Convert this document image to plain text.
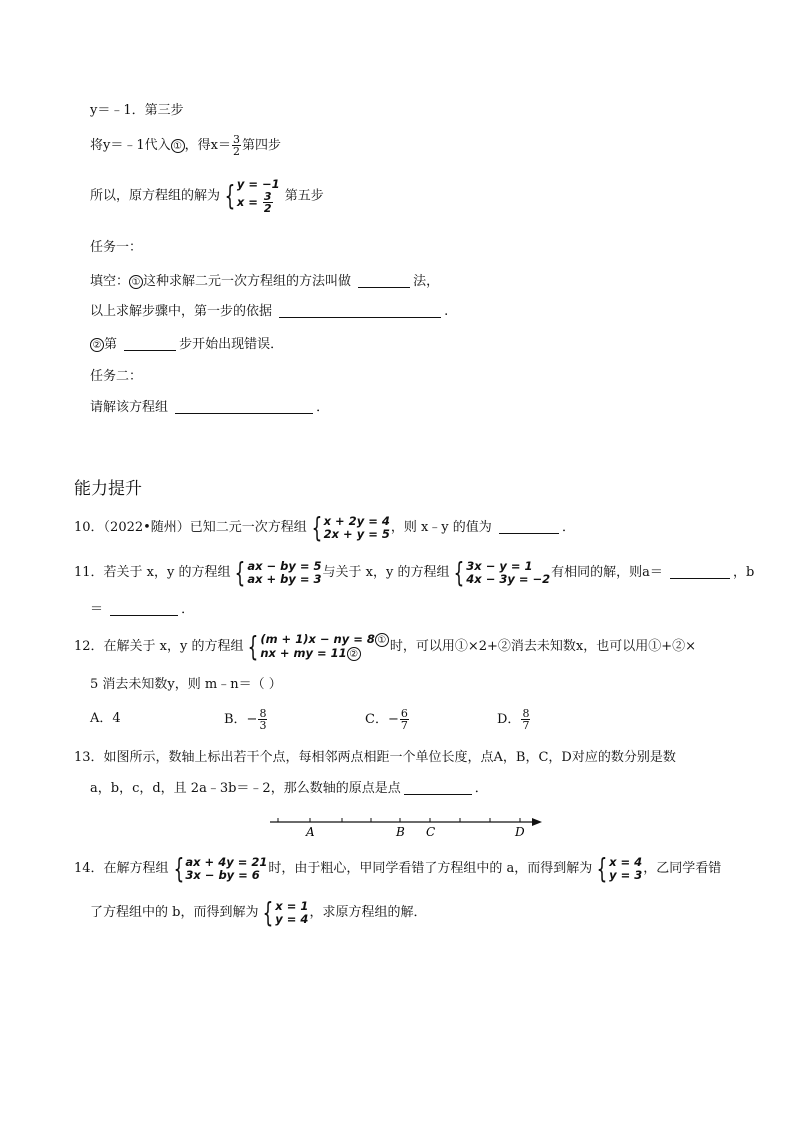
y＝﹣1．第三步
将y＝﹣1代入 ① ，得$x= \frac{3}{2}$ 第四步
所以，原方程组的解为 { y = −1
$x = \frac{3}{2}$ 第五步
任务一：
填空： ① 这种求解二元一次方程组的方法叫做	法，
以上求解步骤中，第一步的依据	.
② 第	步开始出现错误．
任务二：
请解该方程组	．
能力提升
10．（2022•随州）已知二元一次方程组 { x + 2y = 4
2x + y = 5 ，则 x﹣y 的值为	．
11．若关于 x，y 的方程组 { ax − by = 5
ax + by = 3 与关于 x，y 的方程组 { 3x − y = 1
4x − 3y = −2 有相同的解，则a＝	，b
＝	．
12．在解关于 x，y 的方程组 { (m + 1)x − ny = 8 ①
nx + my = 11 ②	时，可以用①×2+②消去未知数x，也可以用①+②×
5 消去未知数y，则 m﹣n＝（ ）
A．4	B．− $\frac{8}{3}$	C．− $\frac{6}{7}$	D． $\frac{8}{7}$
13．如图所示，数轴上标出若干个点，每相邻两点相距一个单位长度，点A，B，C，D对应的数分别是数
a，b，c，d，且 2a﹣3b＝﹣2，那么数轴的原点是点	．
A	B C	D
14．在解方程组 { ax + 4y = 21
3x − by = 6 时，由于粗心，甲同学看错了方程组中的 a，而得到解为 { x = 4
y = 3 ，乙同学看错
了方程组中的 b，而得到解为 { x = 1
y = 4 ，求原方程组的解．
